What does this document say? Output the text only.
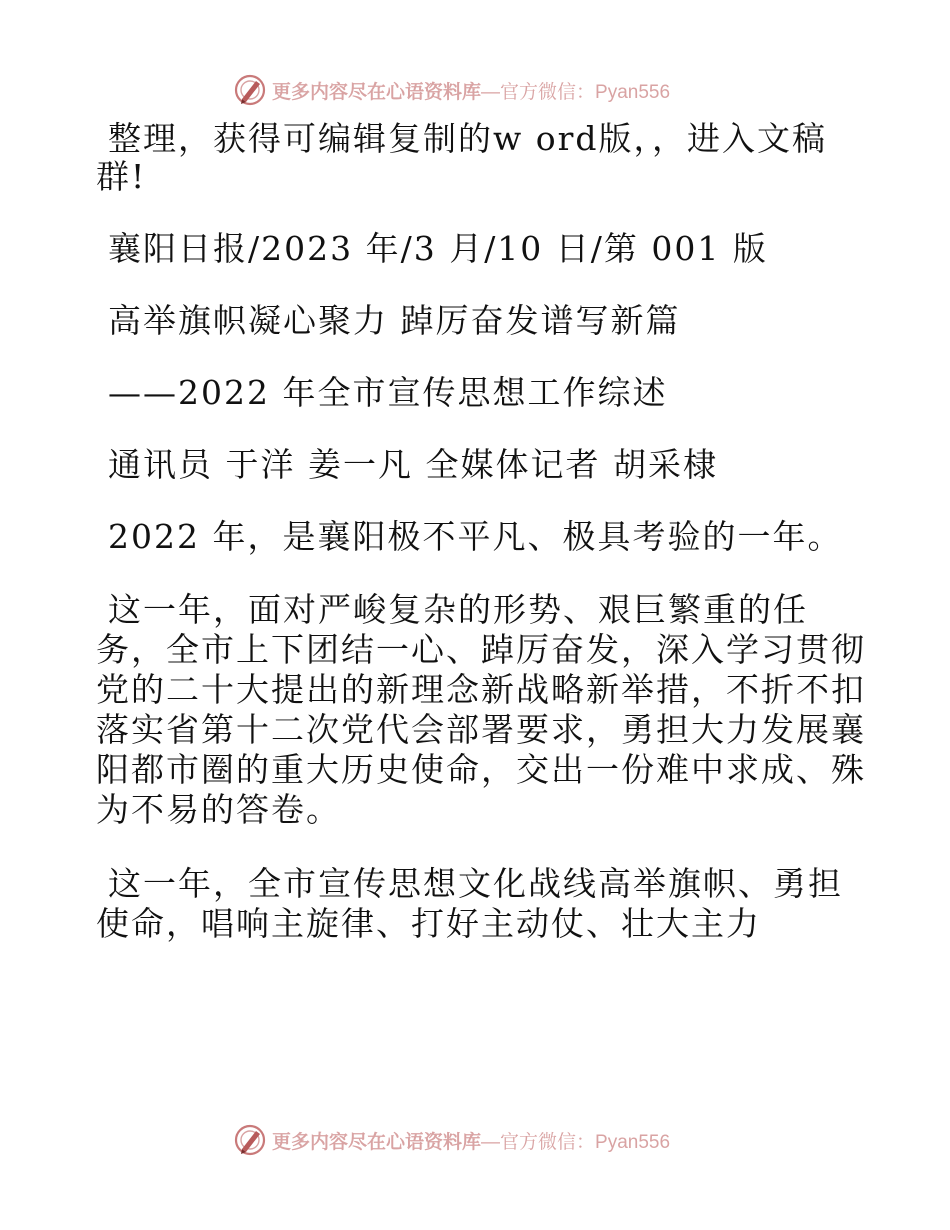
更多内容尽在心语资料库 —官方微信：Pyan556
整理，获得可编辑复制的w ord版，，进入文稿
群!
襄阳日报/2023 年/3 月/10 日/第 001 版
高举旗帜凝心聚力 踔厉奋发谱写新篇
——2022 年全市宣传思想工作综述
通讯员 于洋 姜一凡 全媒体记者 胡采棣
2022 年，是襄阳极不平凡、极具考验的一年。
这一年，面对严峻复杂的形势、艰巨繁重的任
务，全市上下团结一心、踔厉奋发，深入学习贯彻
党的二十大提出的新理念新战略新举措，不折不扣
落实省第十二次党代会部署要求，勇担大力发展襄
阳都市圈的重大历史使命，交出一份难中求成、殊
为不易的答卷。
这一年，全市宣传思想文化战线高举旗帜、勇担
使命，唱响主旋律、打好主动仗、壮大主力
更多内容尽在心语资料库 —官方微信：Pyan556
